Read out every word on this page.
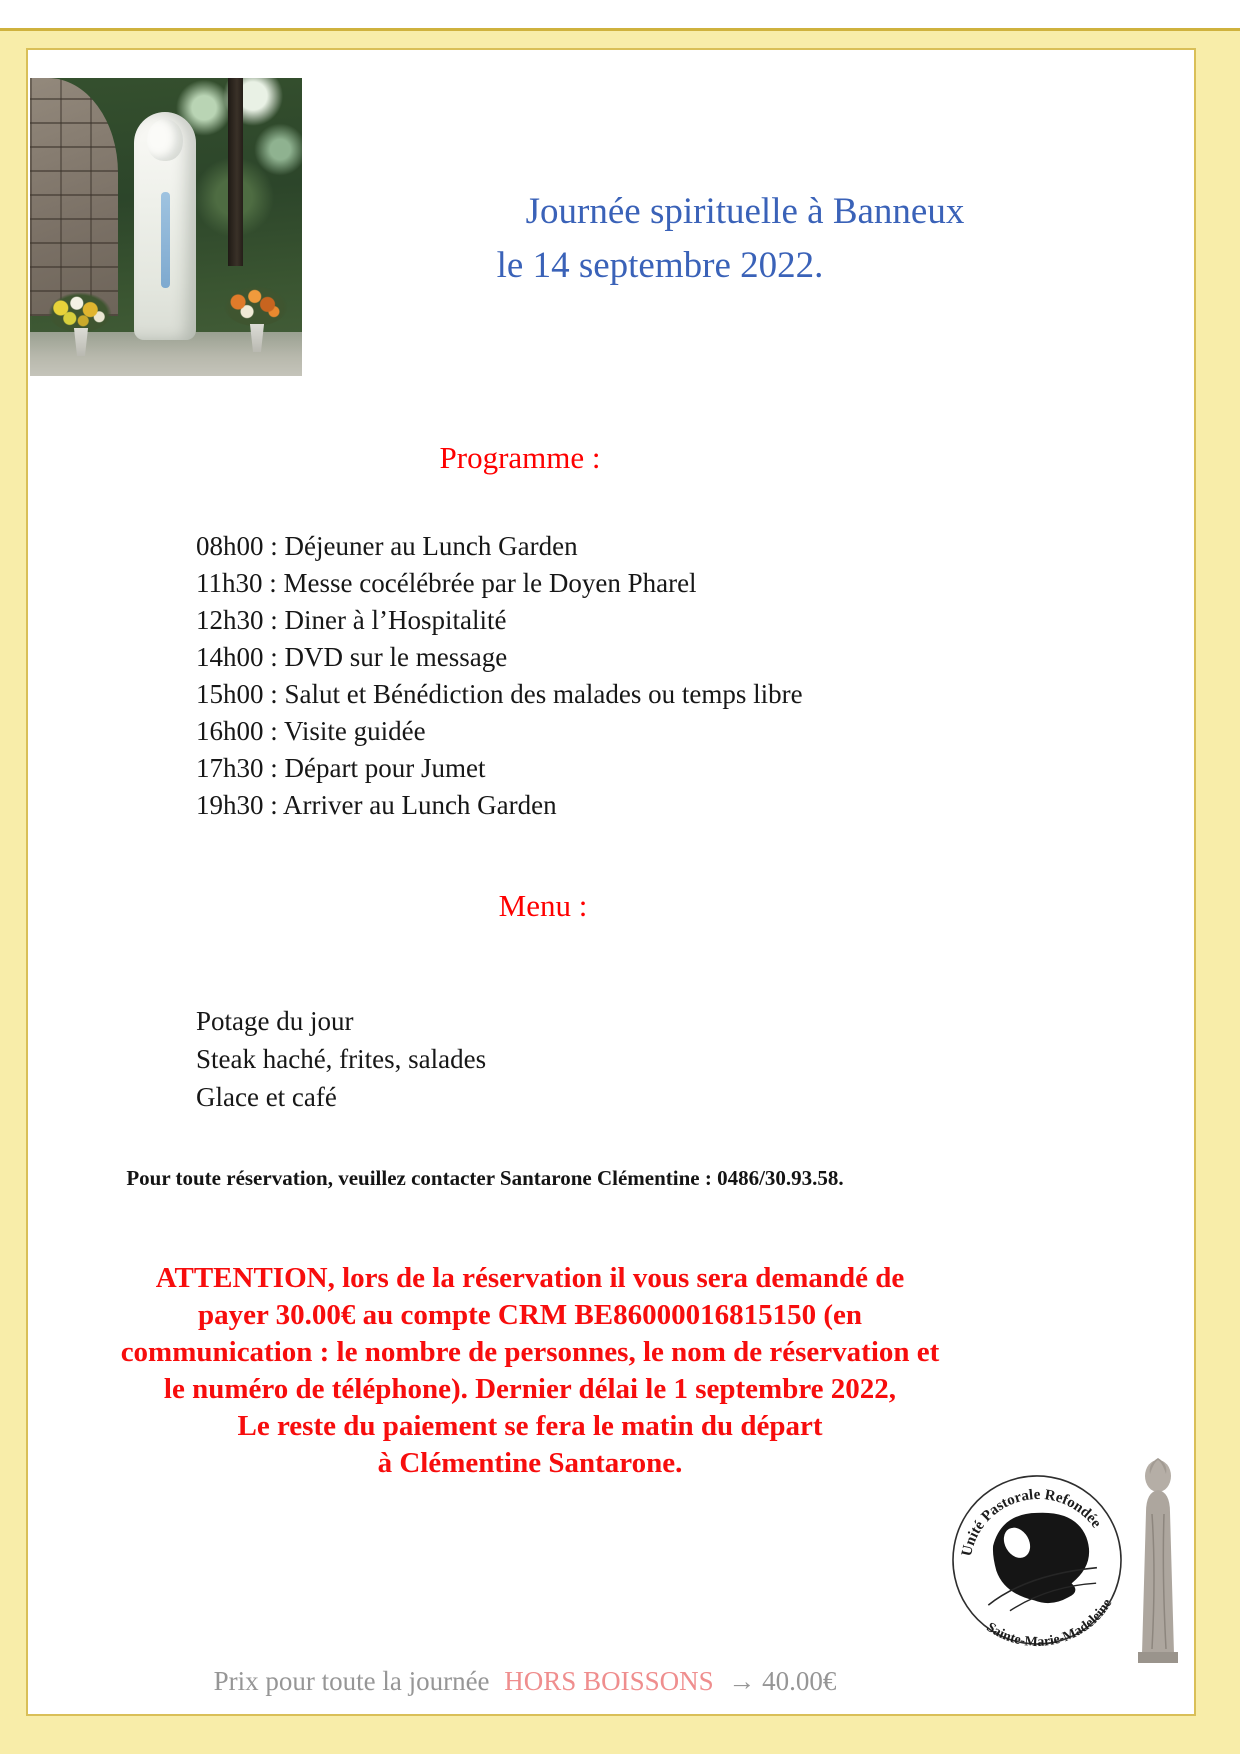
Journée spirituelle à Banneux
le 14 septembre 2022.
Programme :
08h00 : Déjeuner au Lunch Garden
11h30 : Messe cocélébrée par le Doyen Pharel
12h30 : Diner à l’Hospitalité
14h00 : DVD sur le message
15h00 : Salut et Bénédiction des malades ou temps libre
16h00 : Visite guidée
17h30 : Départ pour Jumet
19h30 : Arriver au Lunch Garden
Menu :
Potage du jour
Steak haché, frites, salades
Glace et café
Pour toute réservation, veuillez contacter Santarone Clémentine : 0486/30.93.58.
ATTENTION, lors de la réservation il vous sera demandé de
payer 30.00€ au compte CRM BE86000016815150 (en
communication : le nombre de personnes, le nom de réservation et
le numéro de téléphone). Dernier délai le 1 septembre 2022,
Le reste du paiement se fera le matin du départ
à Clémentine Santarone.
Unité Pastorale Refondée
Sainte-Marie-Madeleine
Prix pour toute la journée HORS BOISSONS → 40.00€
